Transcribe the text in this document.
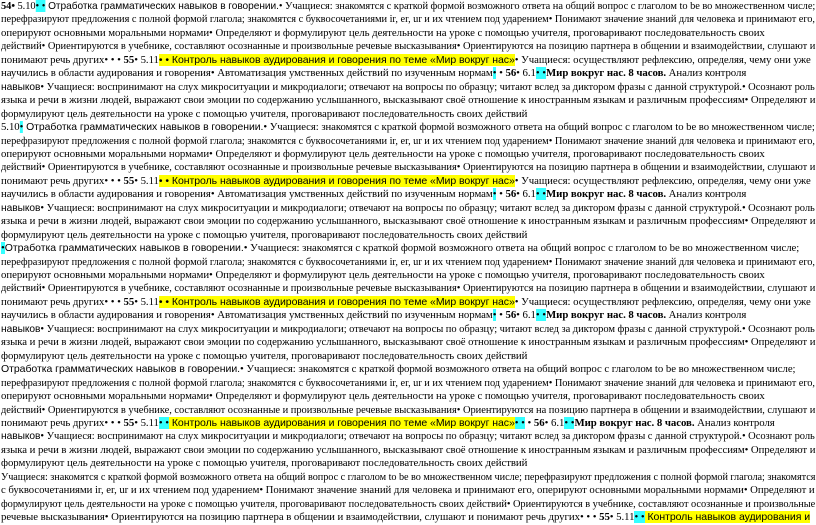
54• 5.10• • Отработка грамматических навыков в говорении.• Учащиеся: знакомятся с краткой формой возможного ответа на общий вопрос с глаголом to be во множественном числе;
перефразируют предложения с полной формой глагола; знакомятся с буквосочетаниями ir, er, ur и их чтением под ударением• Понимают значение знаний для человека и принимают его,
оперируют основными моральными нормами• Определяют и формулируют цель деятельности на уроке с помощью учителя, проговаривают последовательность своих
действий• Ориентируются в учебнике, составляют осознанные и произвольные речевые высказывания• Ориентируются на позицию партнера в общении и взаимодействии, слушают и
понимают речь других• • • 55• 5.11• • Контроль навыков аудирования и говорения по теме «Мир вокруг нас»• Учащиеся: осуществляют рефлексию, определяя, чему они уже
научились в области аудирования и говорения• Автоматизация умственных действий по изученным нормам• • 56• 6.1• •Мир вокруг нас. 8 часов. Анализ контроля
навыков• Учащиеся: воспринимают на слух микроситуации и микродиалоги; отвечают на вопросы по образцу; читают вслед за диктором фразы с данной структурой.• Осознают роль
языка и речи в жизни людей, выражают свои эмоции по содержанию услышанного, высказывают своё отношение к иностранным языкам и различным профессиям• Определяют и
формулируют цель деятельности на уроке с помощью учителя, проговаривают последовательность своих действий
5.10• Отработка грамматических навыков в говорении.• Учащиеся: знакомятся с краткой формой возможного ответа на общий вопрос с глаголом to be во множественном числе;
перефразируют предложения с полной формой глагола; знакомятся с буквосочетаниями ir, er, ur и их чтением под ударением• Понимают значение знаний для человека и принимают его,
оперируют основными моральными нормами• Определяют и формулируют цель деятельности на уроке с помощью учителя, проговаривают последовательность своих
действий• Ориентируются в учебнике, составляют осознанные и произвольные речевые высказывания• Ориентируются на позицию партнера в общении и взаимодействии, слушают и
понимают речь других• • • 55• 5.11• • Контроль навыков аудирования и говорения по теме «Мир вокруг нас»• Учащиеся: осуществляют рефлексию, определяя, чему они уже
научились в области аудирования и говорения• Автоматизация умственных действий по изученным нормам• • 56• 6.1• •Мир вокруг нас. 8 часов. Анализ контроля
навыков• Учащиеся: воспринимают на слух микроситуации и микродиалоги; отвечают на вопросы по образцу; читают вслед за диктором фразы с данной структурой.• Осознают роль
языка и речи в жизни людей, выражают свои эмоции по содержанию услышанного, высказывают своё отношение к иностранным языкам и различным профессиям• Определяют и
формулируют цель деятельности на уроке с помощью учителя, проговаривают последовательность своих действий
•Отработка грамматических навыков в говорении.• Учащиеся: знакомятся с краткой формой возможного ответа на общий вопрос с глаголом to be во множественном числе;
перефразируют предложения с полной формой глагола; знакомятся с буквосочетаниями ir, er, ur и их чтением под ударением• Понимают значение знаний для человека и принимают его,
оперируют основными моральными нормами• Определяют и формулируют цель деятельности на уроке с помощью учителя, проговаривают последовательность своих
действий• Ориентируются в учебнике, составляют осознанные и произвольные речевые высказывания• Ориентируются на позицию партнера в общении и взаимодействии, слушают и
понимают речь других• • • 55• 5.11• • Контроль навыков аудирования и говорения по теме «Мир вокруг нас»• Учащиеся: осуществляют рефлексию, определяя, чему они уже
научились в области аудирования и говорения• Автоматизация умственных действий по изученным нормам• • 56• 6.1• •Мир вокруг нас. 8 часов. Анализ контроля
навыков• Учащиеся: воспринимают на слух микроситуации и микродиалоги; отвечают на вопросы по образцу; читают вслед за диктором фразы с данной структурой.• Осознают роль
языка и речи в жизни людей, выражают свои эмоции по содержанию услышанного, высказывают своё отношение к иностранным языкам и различным профессиям• Определяют и
формулируют цель деятельности на уроке с помощью учителя, проговаривают последовательность своих действий
Отработка грамматических навыков в говорении.• Учащиеся: знакомятся с краткой формой возможного ответа на общий вопрос с глаголом to be во множественном числе;
перефразируют предложения с полной формой глагола; знакомятся с буквосочетаниями ir, er, ur и их чтением под ударением• Понимают значение знаний для человека и принимают его,
оперируют основными моральными нормами• Определяют и формулируют цель деятельности на уроке с помощью учителя, проговаривают последовательность своих
действий• Ориентируются в учебнике, составляют осознанные и произвольные речевые высказывания• Ориентируются на позицию партнера в общении и взаимодействии, слушают и
понимают речь других• • • 55• 5.11• • Контроль навыков аудирования и говорения по теме «Мир вокруг нас»• • • 56• 6.1• •Мир вокруг нас. 8 часов. Анализ контроля
навыков• Учащиеся: воспринимают на слух микроситуации и микродиалоги; отвечают на вопросы по образцу; читают вслед за диктором фразы с данной структурой.• Осознают роль
языка и речи в жизни людей, выражают свои эмоции по содержанию услышанного, высказывают своё отношение к иностранным языкам и различным профессиям• Определяют и
формулируют цель деятельности на уроке с помощью учителя, проговаривают последовательность своих действий
Учащиеся: знакомятся с краткой формой возможного ответа на общий вопрос с глаголом to be во множественном числе; перефразируют предложения с полной формой глагола; знакомятся
с буквосочетаниями ir, er, ur и их чтением под ударением• Понимают значение знаний для человека и принимают его, оперируют основными моральными нормами• Определяют и
формулируют цель деятельности на уроке с помощью учителя, проговаривают последовательность своих действий• Ориентируются в учебнике, составляют осознанные и произвольные
речевые высказывания• Ориентируются на позицию партнера в общении и взаимодействии, слушают и понимают речь других• • • 55• 5.11• • Контроль навыков аудирования и
